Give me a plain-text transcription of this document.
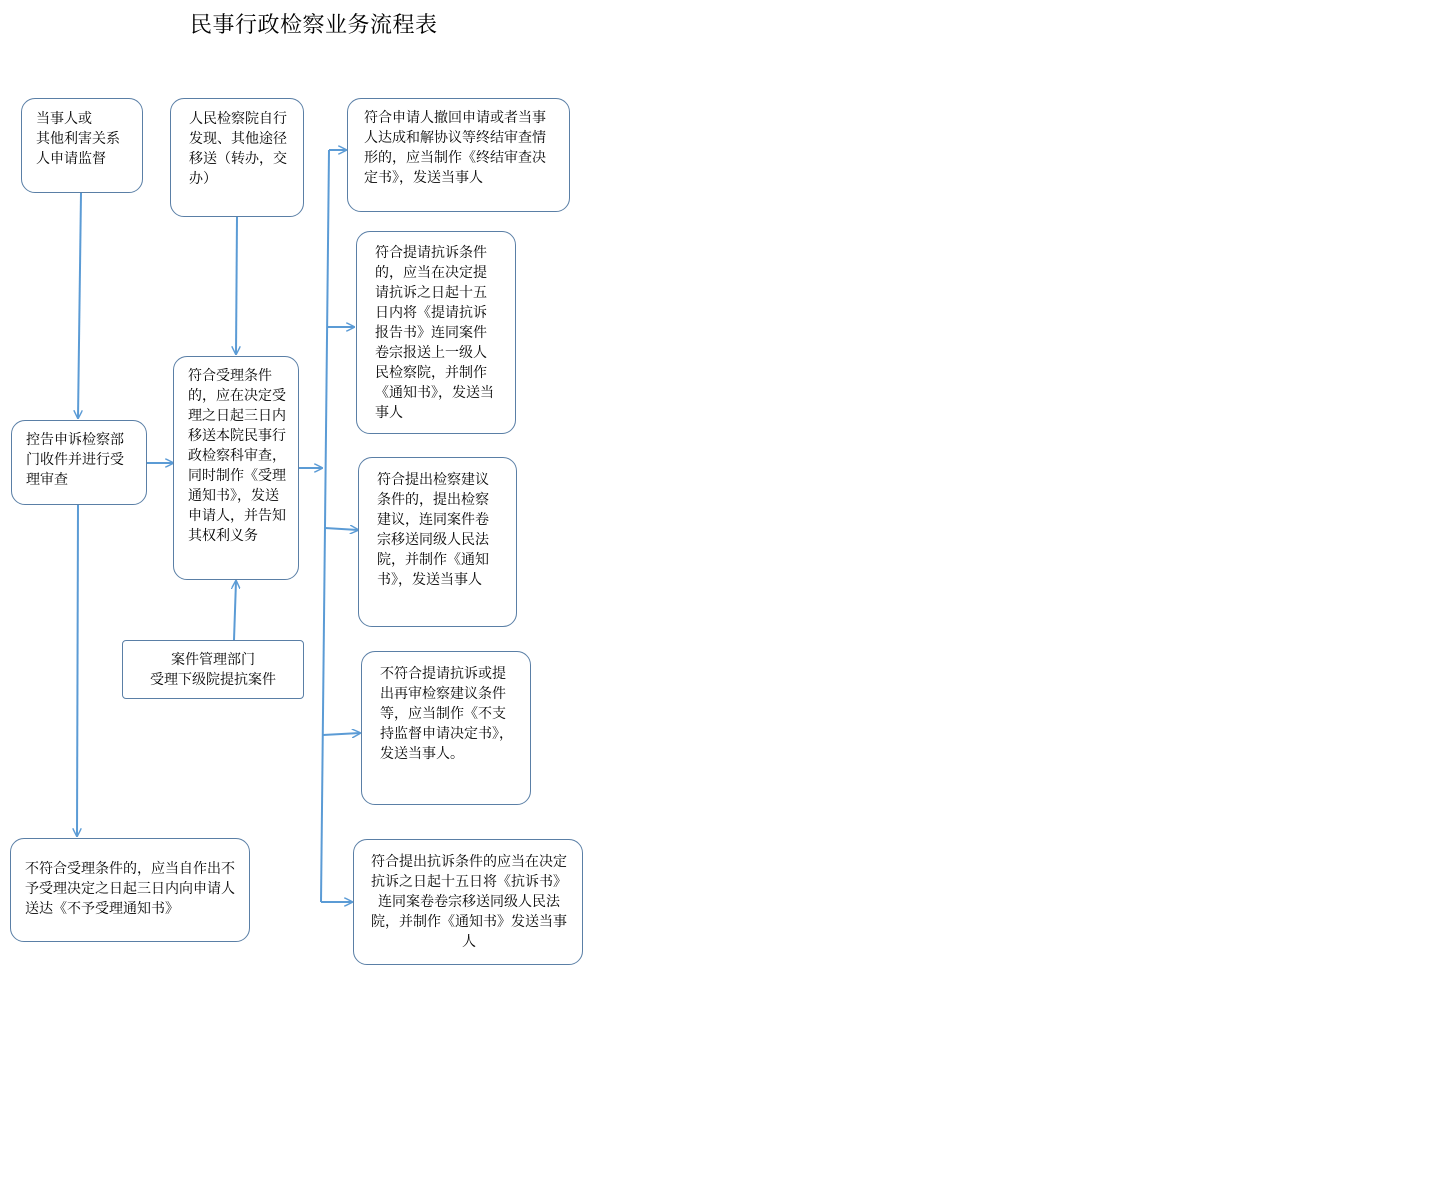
民事行政检察业务流程表
当事人或
其他利害关系
人申请监督
人民检察院自行发现、其他途径移送（转办，交办）
控告申诉检察部门收件并进行受理审查
符合受理条件的，应在决定受理之日起三日内移送本院民事行政检察科审查，同时制作《受理通知书》，发送申请人，并告知其权利义务
案件管理部门
受理下级院提抗案件
不符合受理条件的，应当自作出不予受理决定之日起三日内向申请人送达《不予受理通知书》
符合申请人撤回申请或者当事人达成和解协议等终结审查情形的，应当制作《终结审查决定书》，发送当事人
符合提请抗诉条件的，应当在决定提请抗诉之日起十五日内将《提请抗诉报告书》连同案件卷宗报送上一级人民检察院，并制作《通知书》，发送当事人
符合提出检察建议条件的，提出检察建议，连同案件卷宗移送同级人民法院，并制作《通知书》，发送当事人
不符合提请抗诉或提出再审检察建议条件等，应当制作《不支持监督申请决定书》，发送当事人。
符合提出抗诉条件的应当在决定抗诉之日起十五日将《抗诉书》连同案卷卷宗移送同级人民法院，并制作《通知书》发送当事人
